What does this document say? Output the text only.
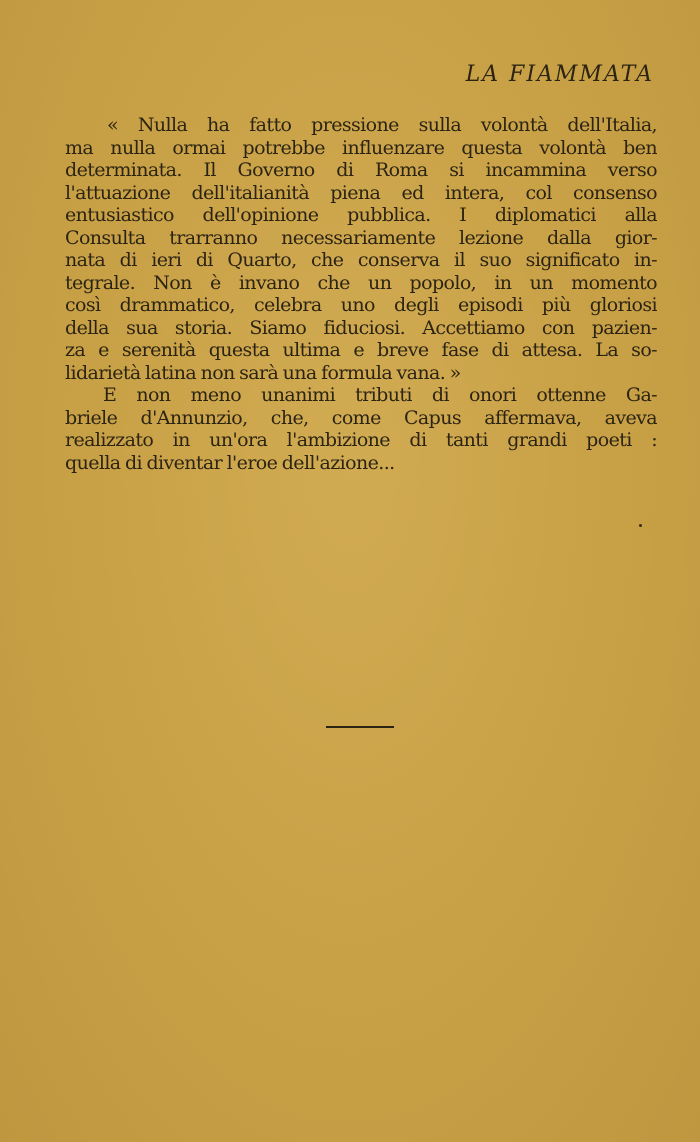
LA FIAMMATA
« Nulla ha fatto pressione sulla volontà dell'Italia,
ma nulla ormai potrebbe influenzare questa volontà ben
determinata. Il Governo di Roma si incammina verso
l'attuazione dell'italianità piena ed intera, col consenso
entusiastico dell'opinione pubblica. I diplomatici alla
Consulta trarranno necessariamente lezione dalla gior-
nata di ieri di Quarto, che conserva il suo significato in-
tegrale. Non è invano che un popolo, in un momento
così drammatico, celebra uno degli episodi più gloriosi
della sua storia. Siamo fiduciosi. Accettiamo con pazien-
za e serenità questa ultima e breve fase di attesa. La so-
lidarietà latina non sarà una formula vana. »
E non meno unanimi tributi di onori ottenne Ga-
briele d'Annunzio, che, come Capus affermava, aveva
realizzato in un'ora l'ambizione di tanti grandi poeti :
quella di diventar l'eroe dell'azione...
